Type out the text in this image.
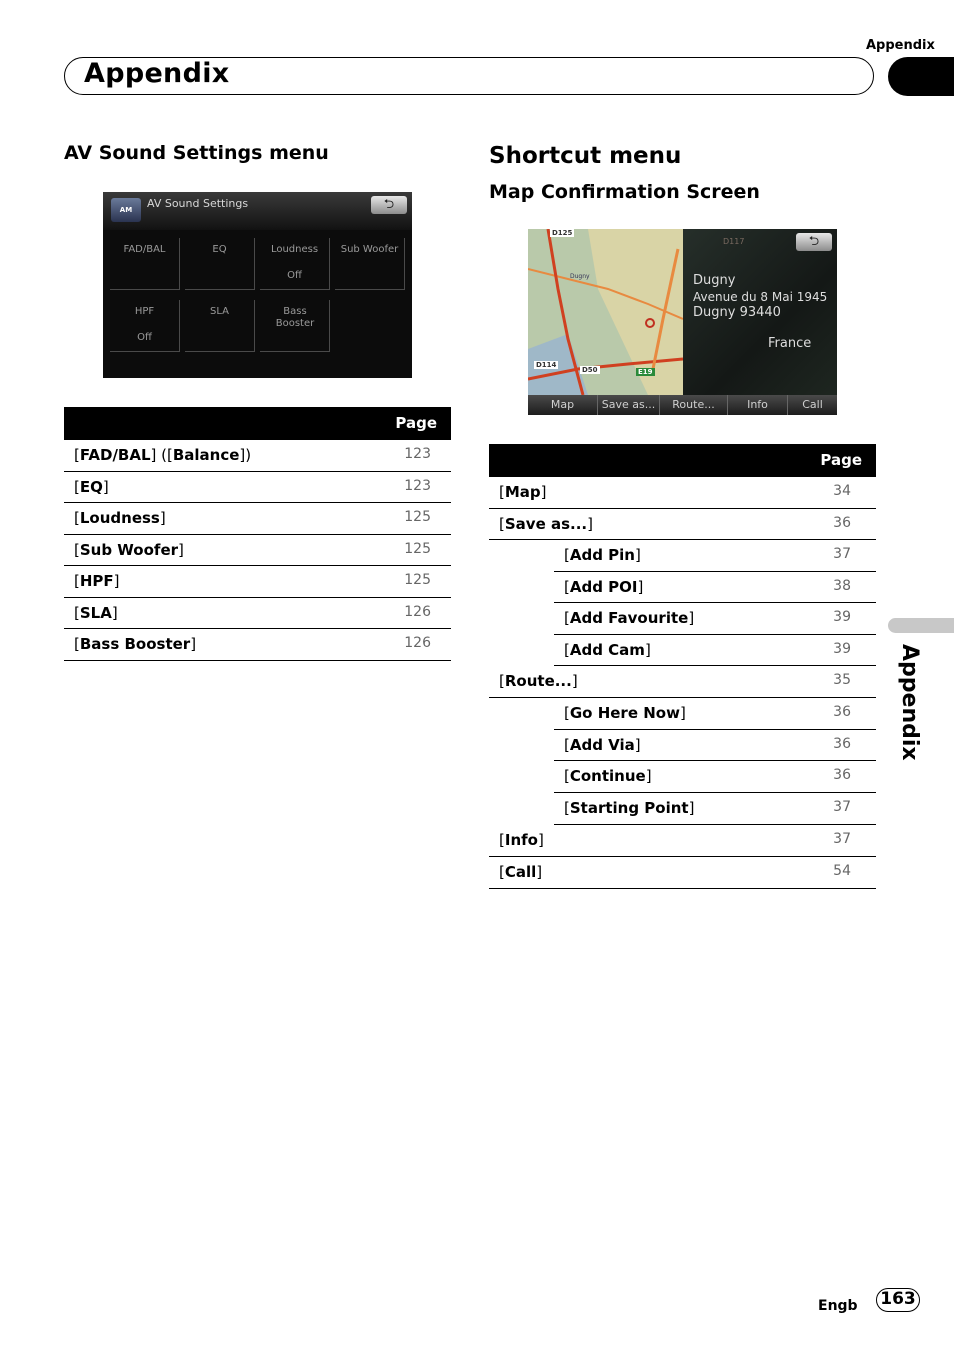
Appendix
Appendix
Appendix
AV Sound Settings menu
AM	AV Sound Settings	⮌
FAD/BAL	EQ	Loudness
Off
Sub Woofer
HPF
Off
SLA	Bass Booster
Page
[FAD/BAL] ([Balance])	123
[EQ]	123
[Loudness]	125
[Sub Woofer]	125
[HPF]	125
[SLA]	126
[Bass Booster]	126
Shortcut menu
Map Confirmation Screen
D125
Dugny
D114
D50	E19
D117	⮌
Dugny
Avenue du 8 Mai 1945
Dugny 93440
France
Map	Save as...	Route...	Info	Call
Page
[Map]	34
[Save as...]	36
[Add Pin]	37
[Add POI]	38
[Add Favourite]	39
[Add Cam]	39
[Route...]	35
[Go Here Now]	36
[Add Via]	36
[Continue]	36
[Starting Point]	37
[Info]	37
[Call]	54
Engb 163
